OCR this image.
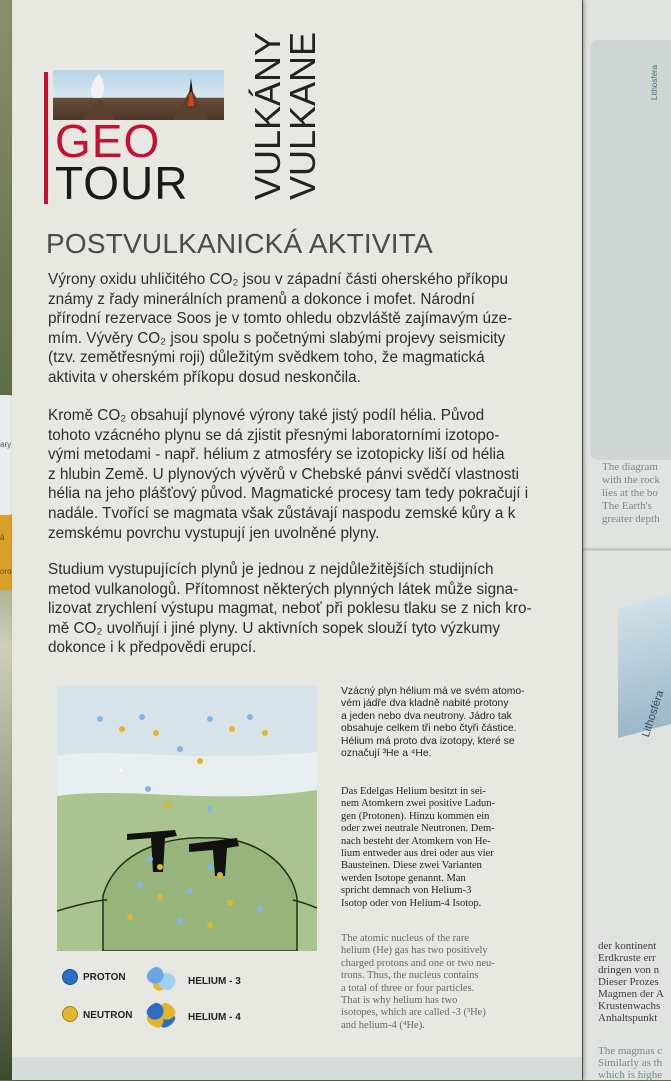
ary
á
oro
Lithosféra
The diagram
with the rock
lies at the bo
The Earth's
greater depth
Lithosféra
der kontinent
Erdkruste err
dringen von n
Dieser Prozes
Magmen der A
Krustenwachs
Anhaltspunkt
The magmas c
Similarly as th
which is highe
GEO
TOUR VULKÁNY
VULKANE
POSTVULKANICKÁ AKTIVITA
Výrony oxidu uhličitého CO₂ jsou v západní části oherského příkopu
známy z řady minerálních pramenů a dokonce i mofet. Národní
přírodní rezervace Soos je v tomto ohledu obzvláště zajímavým úze-
mím. Vývěry CO₂ jsou spolu s početnými slabými projevy seismicity
(tzv. zemětřesnými roji) důležitým svědkem toho, že magmatická
aktivita v oherském příkopu dosud neskončila.
Kromě CO₂ obsahují plynové výrony také jistý podíl hélia. Původ
tohoto vzácného plynu se dá zjistit přesnými laboratorními izotopo-
vými metodami - např. hélium z atmosféry se izotopicky liší od hélia
z hlubin Země. U plynových vývěrů v Chebské pánvi svědčí vlastnosti
hélia na jeho plášťový původ. Magmatické procesy tam tedy pokračují i
nadále. Tvořící se magmata však zůstávají naspodu zemské kůry a k
zemskému povrchu vystupují jen uvolněné plyny.
Studium vystupujících plynů je jednou z nejdůležitějších studijních
metod vulkanologů. Přítomnost některých plynných látek může signa-
lizovat zrychlení výstupu magmat, neboť při poklesu tlaku se z nich kro-
mě CO₂ uvolňují i jiné plyny. U aktivních sopek slouží tyto výzkumy
dokonce i k předpovědi erupcí.
●
Vzácný plyn hélium má ve svém atomo-
vém jádře dva kladně nabité protony
a jeden nebo dva neutrony. Jádro tak
obsahuje celkem tři nebo čtyři částice.
Hélium má proto dva izotopy, které se
označují ³He a ⁴He.
Das Edelgas Helium besitzt in sei-
nem Atomkern zwei positive Ladun-
gen (Protonen). Hinzu kommen ein
oder zwei neutrale Neutronen. Dem-
nach besteht der Atomkern von He-
lium entweder aus drei oder aus vier
Bausteinen. Diese zwei Varianten
werden Isotope genannt. Man
spricht demnach von Helium-3
Isotop oder von Helium-4 Isotop.
The atomic nucleus of the rare
helium (He) gas has two positively
charged protons and one or two neu-
trons. Thus, the nucleus contains
a total of three or four particles.
That is why helium has two
isotopes, which are called -3 (³He)
and helium-4 (⁴He).
PROTON
NEUTRON
HELIUM - 3
HELIUM - 4
